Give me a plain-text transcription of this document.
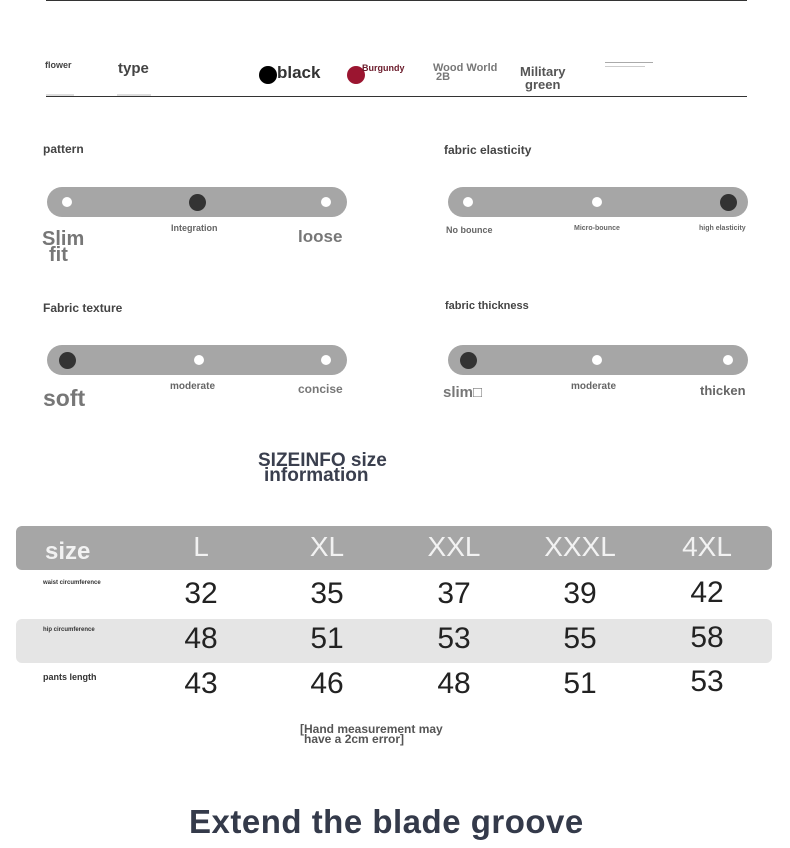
flower	type	black	Burgundy	Wood World
2B	Military
green
pattern
Slim
fit
Integration	loose
fabric elasticity
No bounce	Micro-bounce	high elasticity
Fabric texture
soft	moderate	concise
fabric thickness
slim□	moderate	thicken
SIZEINFO size
information
size	L	XL	XXL	XXXL	4XL
waist circumference	32	35	37	39	42
hip circumference	48	51	53	55	58
pants length	43	46	48	51	53
[Hand measurement may
have a 2cm error]
Extend the blade groove
